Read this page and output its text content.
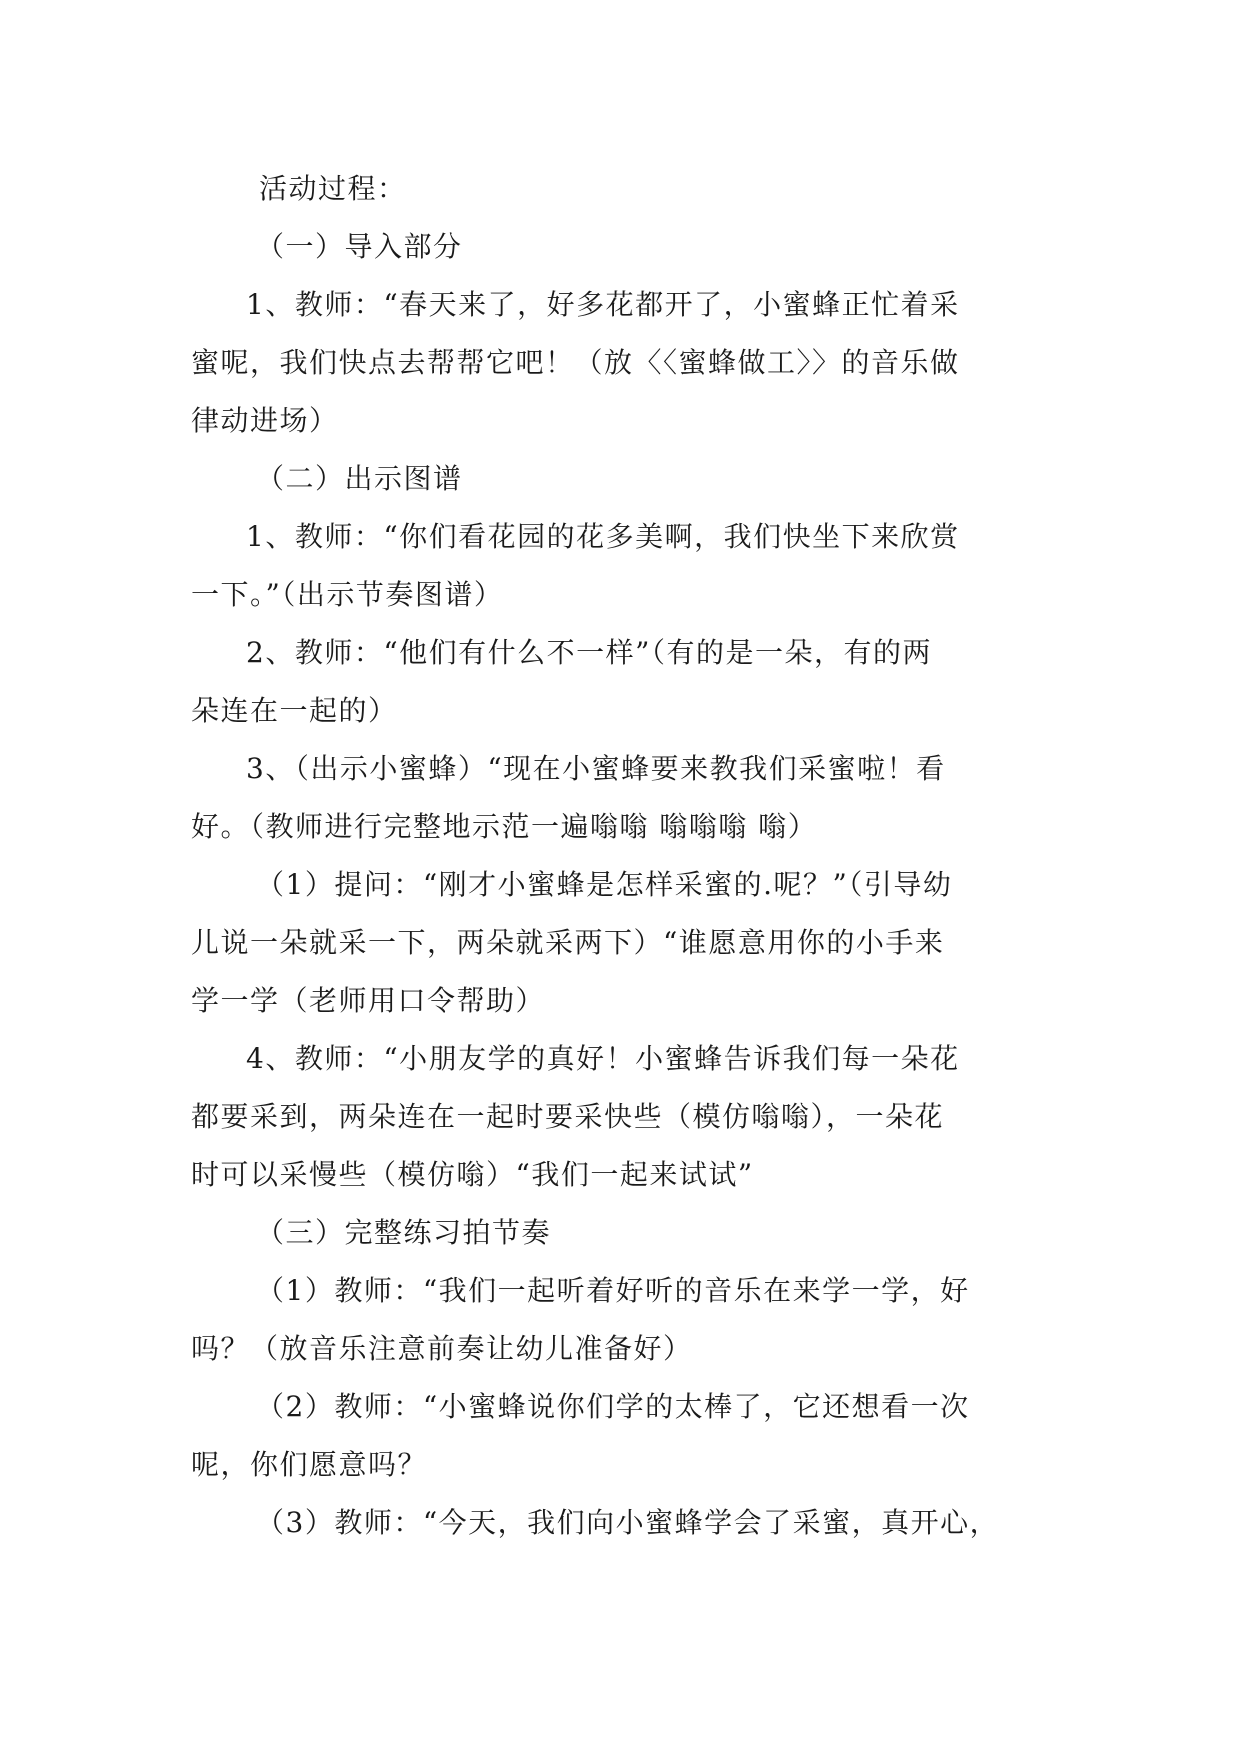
活动过程：
（一）导入部分
1、教师：“春天来了，好多花都开了，小蜜蜂正忙着采
蜜呢，我们快点去帮帮它吧！（放〈〈蜜蜂做工〉〉的音乐做
律动进场）
（二）出示图谱
1、教师：“你们看花园的花多美啊，我们快坐下来欣赏
一下。”（出示节奏图谱）
2、教师：“他们有什么不一样”（有的是一朵，有的两
朵连在一起的）
3、（出示小蜜蜂）“现在小蜜蜂要来教我们采蜜啦！看
好。（教师进行完整地示范一遍嗡嗡 嗡嗡嗡 嗡）
（1）提问：“刚才小蜜蜂是怎样采蜜的.呢？”（引导幼
儿说一朵就采一下，两朵就采两下）“谁愿意用你的小手来
学一学（老师用口令帮助）
4、教师：“小朋友学的真好！小蜜蜂告诉我们每一朵花
都要采到，两朵连在一起时要采快些（模仿嗡嗡），一朵花
时可以采慢些（模仿嗡）“我们一起来试试”
（三）完整练习拍节奏
（1）教师：“我们一起听着好听的音乐在来学一学，好
吗？（放音乐注意前奏让幼儿准备好）
（2）教师：“小蜜蜂说你们学的太棒了，它还想看一次
呢，你们愿意吗？
（3）教师：“今天，我们向小蜜蜂学会了采蜜，真开心，
